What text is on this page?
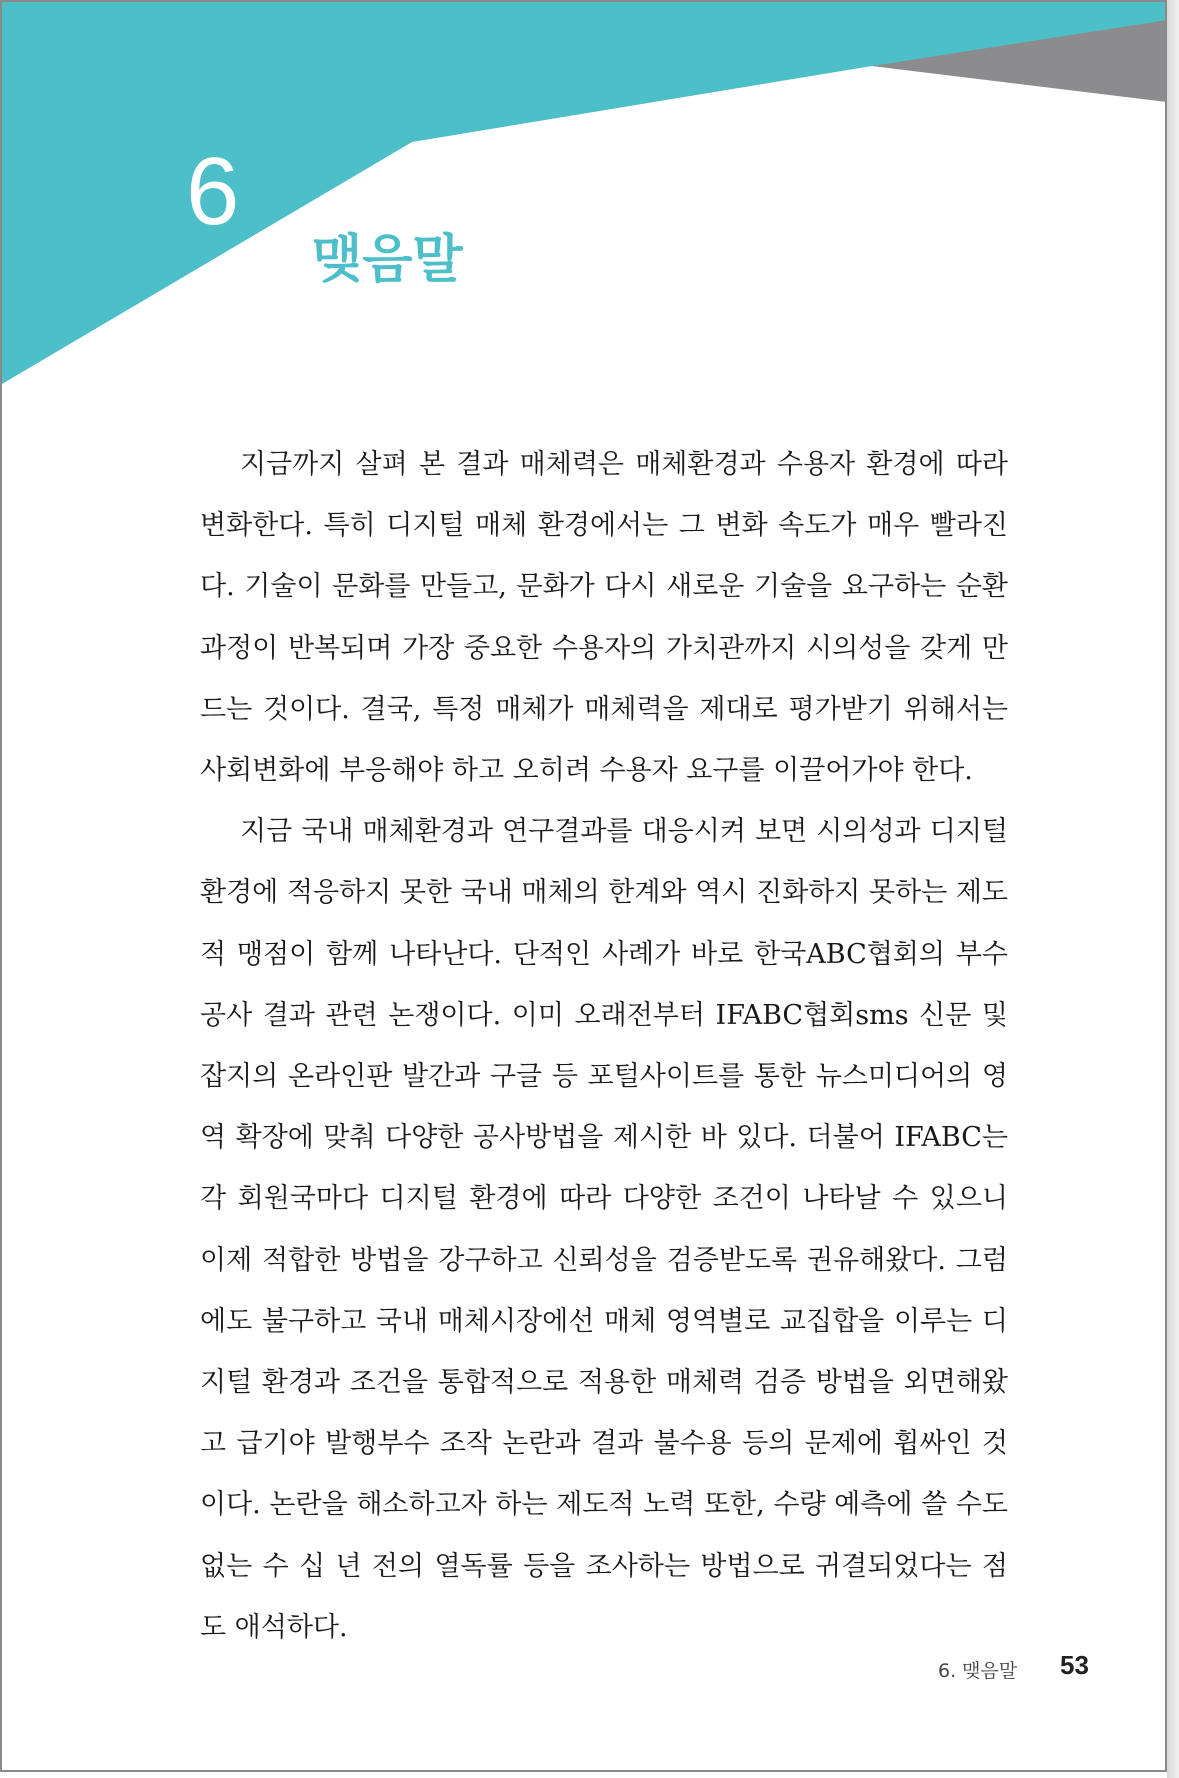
6
맺음말

지금까지 살펴 본 결과 매체력은 매체환경과 수용자 환경에 따라 변화한다. 특히 디지털 매체 환경에서는 그 변화 속도가 매우 빨라진다. 기술이 문화를 만들고, 문화가 다시 새로운 기술을 요구하는 순환 과정이 반복되며 가장 중요한 수용자의 가치관까지 시의성을 갖게 만드는 것이다. 결국, 특정 매체가 매체력을 제대로 평가받기 위해서는 사회변화에 부응해야 하고 오히려 수용자 요구를 이끌어가야 한다.

지금 국내 매체환경과 연구결과를 대응시켜 보면 시의성과 디지털 환경에 적응하지 못한 국내 매체의 한계와 역시 진화하지 못하는 제도적 맹점이 함께 나타난다. 단적인 사례가 바로 한국ABC협회의 부수공사 결과 관련 논쟁이다. 이미 오래전부터 IFABC협회sms 신문 및 잡지의 온라인판 발간과 구글 등 포털사이트를 통한 뉴스미디어의 영역 확장에 맞춰 다양한 공사방법을 제시한 바 있다. 더불어 IFABC는 각 회원국마다 디지털 환경에 따라 다양한 조건이 나타날 수 있으니 이제 적합한 방법을 강구하고 신뢰성을 검증받도록 권유해왔다. 그럼에도 불구하고 국내 매체시장에선 매체 영역별로 교집합을 이루는 디지털 환경과 조건을 통합적으로 적용한 매체력 검증 방법을 외면해왔고 급기야 발행부수 조작 논란과 결과 불수용 등의 문제에 휩싸인 것이다. 논란을 해소하고자 하는 제도적 노력 또한, 수량 예측에 쓸 수도 없는 수 십 년 전의 열독률 등을 조사하는 방법으로 귀결되었다는 점도 애석하다.

6. 맺음말 53
